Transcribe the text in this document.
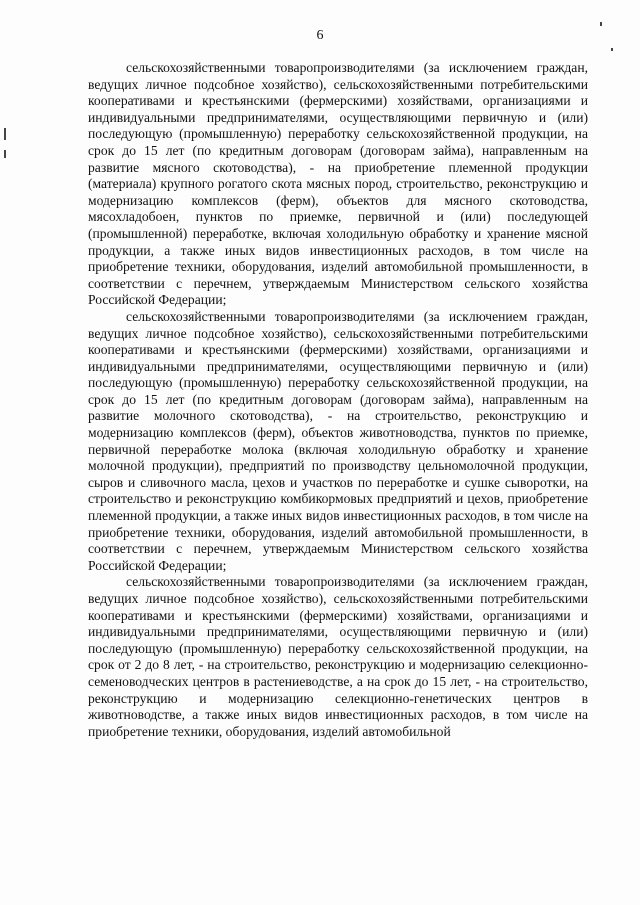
6

сельскохозяйственными товаропроизводителями (за исключением граждан, ведущих личное подсобное хозяйство), сельскохозяйственными потребительскими кооперативами и крестьянскими (фермерскими) хозяйствами, организациями и индивидуальными предпринимателями, осуществляющими первичную и (или) последующую (промышленную) переработку сельскохозяйственной продукции, на срок до 15 лет (по кредитным договорам (договорам займа), направленным на развитие мясного скотоводства), - на приобретение племенной продукции (материала) крупного рогатого скота мясных пород, строительство, реконструкцию и модернизацию комплексов (ферм), объектов для мясного скотоводства, мясохладобоен, пунктов по приемке, первичной и (или) последующей (промышленной) переработке, включая холодильную обработку и хранение мясной продукции, а также иных видов инвестиционных расходов, в том числе на приобретение техники, оборудования, изделий автомобильной промышленности, в соответствии с перечнем, утверждаемым Министерством сельского хозяйства Российской Федерации;

сельскохозяйственными товаропроизводителями (за исключением граждан, ведущих личное подсобное хозяйство), сельскохозяйственными потребительскими кооперативами и крестьянскими (фермерскими) хозяйствами, организациями и индивидуальными предпринимателями, осуществляющими первичную и (или) последующую (промышленную) переработку сельскохозяйственной продукции, на срок до 15 лет (по кредитным договорам (договорам займа), направленным на развитие молочного скотоводства), - на строительство, реконструкцию и модернизацию комплексов (ферм), объектов животноводства, пунктов по приемке, первичной переработке молока (включая холодильную обработку и хранение молочной продукции), предприятий по производству цельномолочной продукции, сыров и сливочного масла, цехов и участков по переработке и сушке сыворотки, на строительство и реконструкцию комбикормовых предприятий и цехов, приобретение племенной продукции, а также иных видов инвестиционных расходов, в том числе на приобретение техники, оборудования, изделий автомобильной промышленности, в соответствии с перечнем, утверждаемым Министерством сельского хозяйства Российской Федерации;

сельскохозяйственными товаропроизводителями (за исключением граждан, ведущих личное подсобное хозяйство), сельскохозяйственными потребительскими кооперативами и крестьянскими (фермерскими) хозяйствами, организациями и индивидуальными предпринимателями, осуществляющими первичную и (или) последующую (промышленную) переработку сельскохозяйственной продукции, на срок от 2 до 8 лет, - на строительство, реконструкцию и модернизацию селекционно-семеноводческих центров в растениеводстве, а на срок до 15 лет, - на строительство, реконструкцию и модернизацию селекционно-генетических центров в животноводстве, а также иных видов инвестиционных расходов, в том числе на приобретение техники, оборудования, изделий автомобильной
